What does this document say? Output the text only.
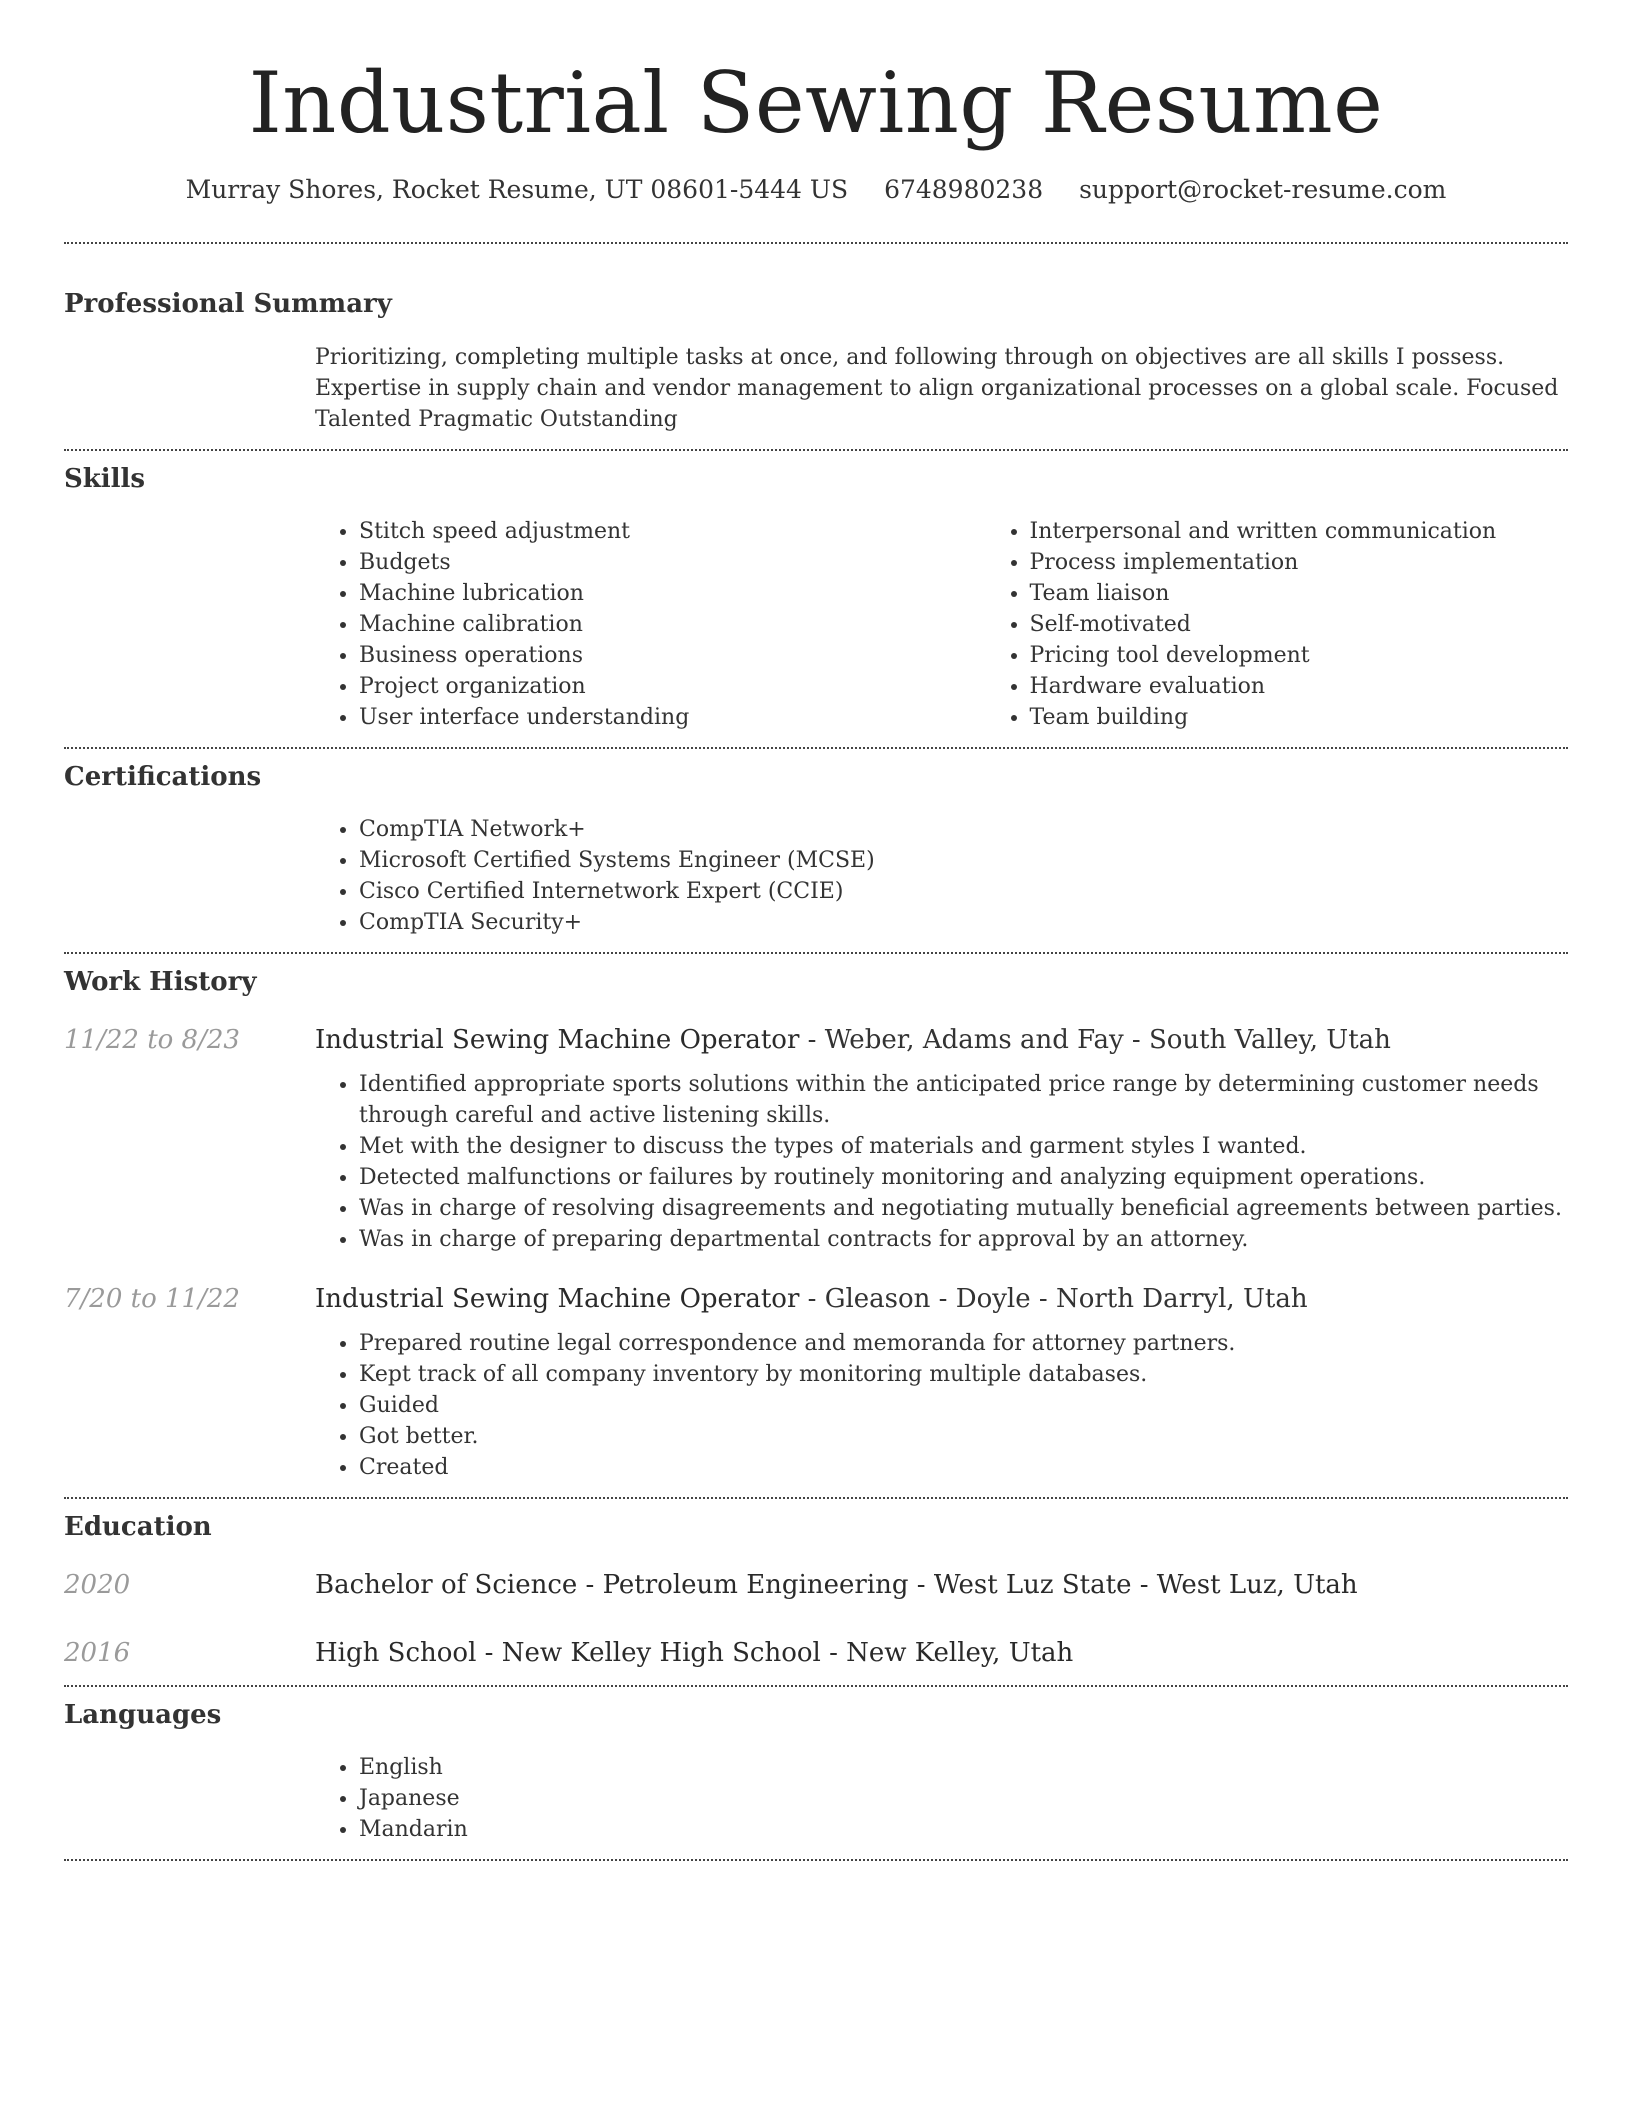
Industrial Sewing Resume
Murray Shores, Rocket Resume, UT 08601-5444 US 6748980238 support@rocket-resume.com
Professional Summary

Prioritizing, completing multiple tasks at once, and following through on objectives are all skills I possess. Expertise in supply chain and vendor management to align organizational processes on a global scale. Focused Talented Pragmatic Outstanding

Skills
• Stitch speed adjustment
• Budgets
• Machine lubrication
• Machine calibration
• Business operations
• Project organization
• User interface understanding
• Interpersonal and written communication
• Process implementation
• Team liaison
• Self-motivated
• Pricing tool development
• Hardware evaluation
• Team building
Certifications
• CompTIA Network+
• Microsoft Certified Systems Engineer (MCSE)
• Cisco Certified Internetwork Expert (CCIE)
• CompTIA Security+
Work History
11/22 to 8/23	Industrial Sewing Machine Operator - Weber, Adams and Fay - South Valley, Utah
• Identified appropriate sports solutions within the anticipated price range by determining customer needs through careful and active listening skills.
• Met with the designer to discuss the types of materials and garment styles I wanted.
• Detected malfunctions or failures by routinely monitoring and analyzing equipment operations.
• Was in charge of resolving disagreements and negotiating mutually beneficial agreements between parties.
• Was in charge of preparing departmental contracts for approval by an attorney.
7/20 to 11/22	Industrial Sewing Machine Operator - Gleason - Doyle - North Darryl, Utah
• Prepared routine legal correspondence and memoranda for attorney partners.
• Kept track of all company inventory by monitoring multiple databases.
• Guided
• Got better.
• Created
Education
2020	Bachelor of Science - Petroleum Engineering - West Luz State - West Luz, Utah
2016	High School - New Kelley High School - New Kelley, Utah
Languages
• English
• Japanese
• Mandarin
